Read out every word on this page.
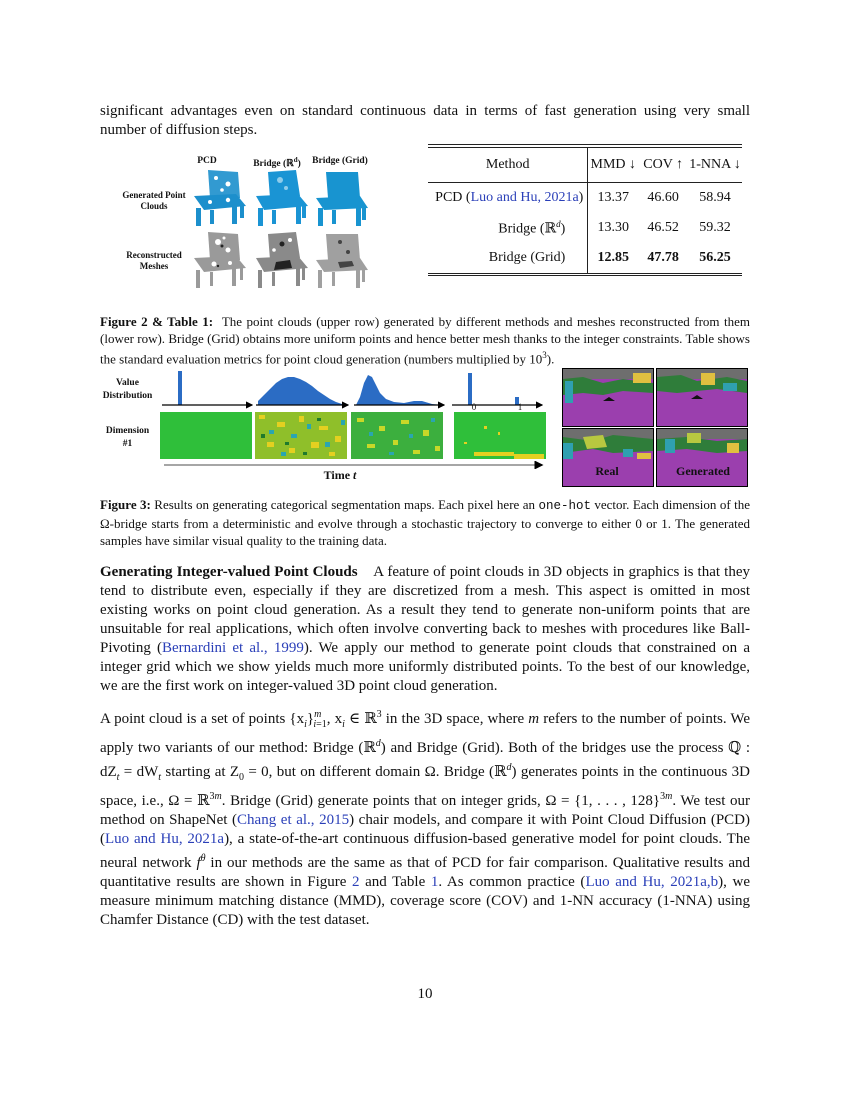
significant advantages even on standard continuous data in terms of fast generation using very small number of diffusion steps.

PCD	Bridge (ℝ$^d$)	Bridge (Grid)
Generated Point Clouds
Reconstructed Meshes
Method	MMD ↓	COV ↑	1-NNA ↓
PCD (Luo and Hu, 2021a)	13.37	46.60	58.94
Bridge (ℝ$^d$)	13.30	46.52	59.32
Bridge (Grid)	12.85	47.78	56.25

Figure 2 & Table 1: The point clouds (upper row) generated by different methods and meshes reconstructed from them (lower row). Bridge (Grid) obtains more uniform points and hence better mesh thanks to the integer constraints. Table shows the standard evaluation metrics for point cloud generation (numbers multiplied by $10^3$).

Value Distribution
Dimension #1
0	1
Time t	Real	Generated

Figure 3: Results on generating categorical segmentation maps. Each pixel here an one-hot vector. Each dimension of the Ω-bridge starts from a deterministic and evolve through a stochastic trajectory to converge to either 0 or 1. The generated samples have similar visual quality to the training data.

Generating Integer-valued Point Clouds A feature of point clouds in 3D objects in graphics is that they tend to distribute even, especially if they are discretized from a mesh. This aspect is omitted in most existing works on point cloud generation. As a result they tend to generate non-uniform points that are unsuitable for real applications, which often involve converting back to meshes with procedures like Ball-Pivoting (Bernardini et al., 1999). We apply our method to generate point clouds that constrained on a integer grid which we show yields much more uniformly distributed points. To the best of our knowledge, we are the first work on integer-valued 3D point cloud generation.

A point cloud is a set of points $\{x_i\}^m_{i=1}$, $x_i$ ∈ ℝ$^3$ in the 3D space, where m refers to the number of points. We apply two variants of our method: Bridge (ℝ$^d$) and Bridge (Grid). Both of the bridges use the process ℚ : $dZ_t = dW_t$ starting at $Z_0 = 0$, but on different domain Ω. Bridge (ℝ$^d$) generates points in the continuous 3D space, i.e., Ω = ℝ$^{3m}$. Bridge (Grid) generate points that on integer grids, Ω = {1, . . . , 128}$^{3m}$. We test our method on ShapeNet (Chang et al., 2015) chair models, and compare it with Point Cloud Diffusion (PCD) (Luo and Hu, 2021a), a state-of-the-art continuous diffusion-based generative model for point clouds. The neural network $f^\theta$ in our methods are the same as that of PCD for fair comparison. Qualitative results and quantitative results are shown in Figure 2 and Table 1. As common practice (Luo and Hu, 2021a,b), we measure minimum matching distance (MMD), coverage score (COV) and 1-NN accuracy (1-NNA) using Chamfer Distance (CD) with the test dataset.

10
